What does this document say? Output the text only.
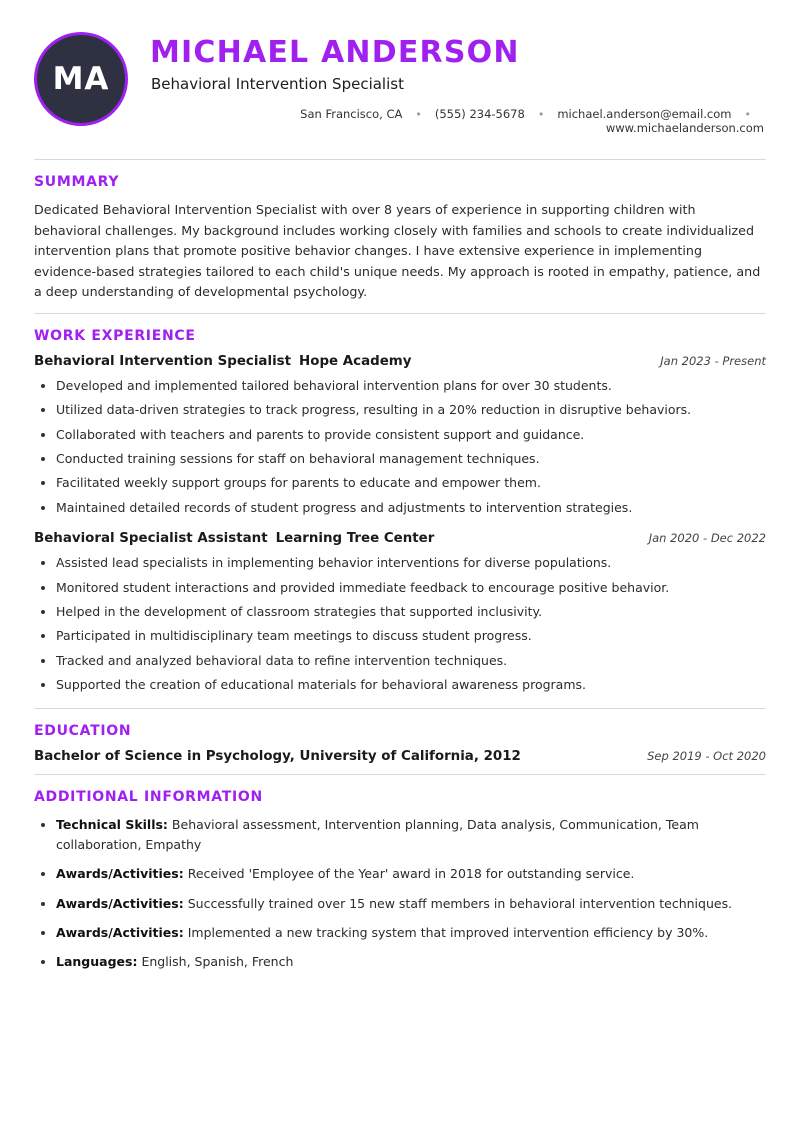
MA
MICHAEL ANDERSON
Behavioral Intervention Specialist
San Francisco, CA	•	(555) 234-5678	•	michael.anderson@email.com	•
www.michaelanderson.com
SUMMARY

Dedicated Behavioral Intervention Specialist with over 8 years of experience in supporting children with behavioral challenges. My background includes working closely with families and schools to create individualized intervention plans that promote positive behavior changes. I have extensive experience in implementing evidence-based strategies tailored to each child's unique needs. My approach is rooted in empathy, patience, and a deep understanding of developmental psychology.

WORK EXPERIENCE
Behavioral Intervention Specialist Hope Academy	Jan 2023 - Present
Developed and implemented tailored behavioral intervention plans for over 30 students.
Utilized data-driven strategies to track progress, resulting in a 20% reduction in disruptive behaviors.
Collaborated with teachers and parents to provide consistent support and guidance.
Conducted training sessions for staff on behavioral management techniques.
Facilitated weekly support groups for parents to educate and empower them.
Maintained detailed records of student progress and adjustments to intervention strategies.
Behavioral Specialist Assistant Learning Tree Center	Jan 2020 - Dec 2022
Assisted lead specialists in implementing behavior interventions for diverse populations.
Monitored student interactions and provided immediate feedback to encourage positive behavior.
Helped in the development of classroom strategies that supported inclusivity.
Participated in multidisciplinary team meetings to discuss student progress.
Tracked and analyzed behavioral data to refine intervention techniques.
Supported the creation of educational materials for behavioral awareness programs.
EDUCATION
Bachelor of Science in Psychology, University of California, 2012	Sep 2019 - Oct 2020
ADDITIONAL INFORMATION
Technical Skills: Behavioral assessment, Intervention planning, Data analysis, Communication, Team collaboration, Empathy
Awards/Activities: Received 'Employee of the Year' award in 2018 for outstanding service.
Awards/Activities: Successfully trained over 15 new staff members in behavioral intervention techniques.
Awards/Activities: Implemented a new tracking system that improved intervention efficiency by 30%.
Languages: English, Spanish, French
